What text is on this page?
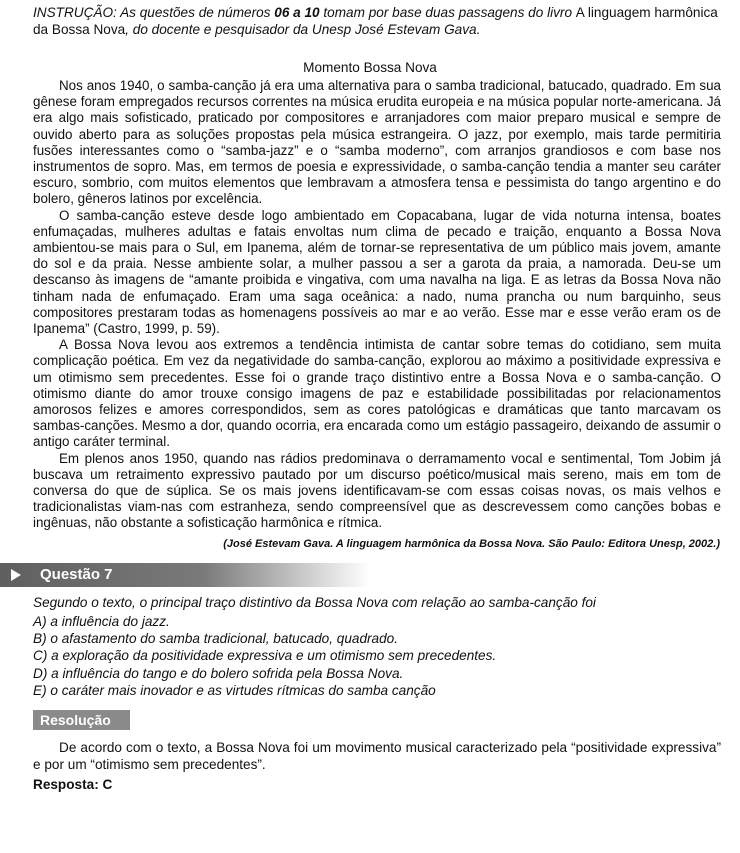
INSTRUÇÃO: As questões de números 06 a 10 tomam por base duas passagens do livro A linguagem harmônica da Bossa Nova, do docente e pesquisador da Unesp José Estevam Gava.
Momento Bossa Nova

Nos anos 1940, o samba-canção já era uma alternativa para o samba tradicional, batucado, quadrado. Em sua gênese foram empregados recursos correntes na música erudita europeia e na música popular norte-americana. Já era algo mais sofisticado, praticado por compositores e arranjadores com maior preparo musical e sempre de ouvido aberto para as soluções propostas pela música estrangeira. O jazz, por exemplo, mais tarde permitiria fusões interessantes como o “samba-jazz” e o “samba moderno”, com arranjos grandiosos e com base nos instrumentos de sopro. Mas, em termos de poesia e expressividade, o samba-canção tendia a manter seu caráter escuro, sombrio, com muitos elementos que lembravam a atmosfera tensa e pessimista do tango argentino e do bolero, gêneros latinos por excelência.

O samba-canção esteve desde logo ambientado em Copacabana, lugar de vida noturna intensa, boates enfumaçadas, mulheres adultas e fatais envoltas num clima de pecado e traição, enquanto a Bossa Nova ambientou-se mais para o Sul, em Ipanema, além de tornar-se representativa de um público mais jovem, amante do sol e da praia. Nesse ambiente solar, a mulher passou a ser a garota da praia, a namorada. Deu-se um descanso às imagens de “amante proibida e vingativa, com uma navalha na liga. E as letras da Bossa Nova não tinham nada de enfumaçado. Eram uma saga oceânica: a nado, numa prancha ou num barquinho, seus compositores prestaram todas as homenagens possíveis ao mar e ao verão. Esse mar e esse verão eram os de Ipanema” (Castro, 1999, p. 59).

A Bossa Nova levou aos extremos a tendência intimista de cantar sobre temas do cotidiano, sem muita complicação poética. Em vez da negatividade do samba-canção, explorou ao máximo a positividade expressiva e um otimismo sem precedentes. Esse foi o grande traço distintivo entre a Bossa Nova e o samba-canção. O otimismo diante do amor trouxe consigo imagens de paz e estabilidade possibilitadas por relacionamentos amorosos felizes e amores correspondidos, sem as cores patológicas e dramáticas que tanto marcavam os sambas-canções. Mesmo a dor, quando ocorria, era encarada como um estágio passageiro, deixando de assumir o antigo caráter terminal.

Em plenos anos 1950, quando nas rádios predominava o derramamento vocal e sentimental, Tom Jobim já buscava um retraimento expressivo pautado por um discurso poético/musical mais sereno, mais em tom de conversa do que de súplica. Se os mais jovens identificavam-se com essas coisas novas, os mais velhos e tradicionalistas viam-nas com estranheza, sendo compreensível que as descrevessem como canções bobas e ingênuas, não obstante a sofisticação harmônica e rítmica.

(José Estevam Gava. A linguagem harmônica da Bossa Nova. São Paulo: Editora Unesp, 2002.)
Questão 7
Segundo o texto, o principal traço distintivo da Bossa Nova com relação ao samba-canção foi
A) a influência do jazz.
B) o afastamento do samba tradicional, batucado, quadrado.
C) a exploração da positividade expressiva e um otimismo sem precedentes.
D) a influência do tango e do bolero sofrida pela Bossa Nova.
E) o caráter mais inovador e as virtudes rítmicas do samba canção
Resolução

De acordo com o texto, a Bossa Nova foi um movimento musical caracterizado pela “positividade expressiva” e por um “otimismo sem precedentes”.

Resposta: C
